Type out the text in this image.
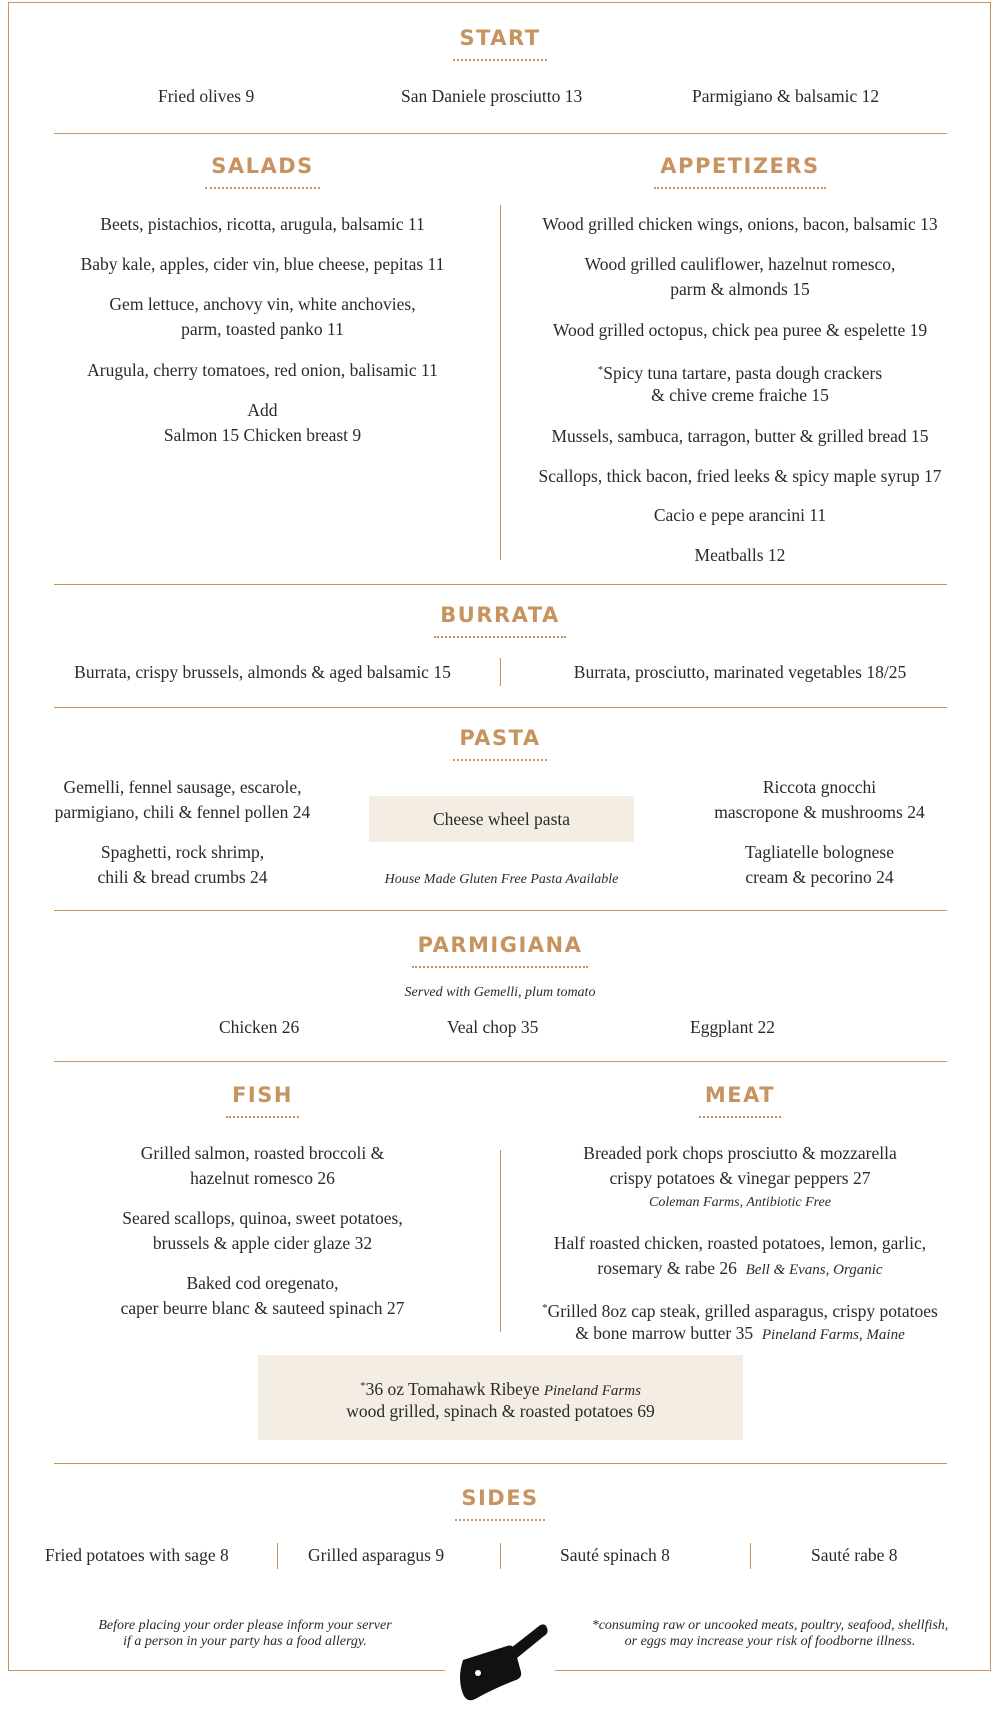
START
Fried olives 9	San Daniele prosciutto 13	Parmigiano & balsamic 12
SALADS
Beets, pistachios, ricotta, arugula, balsamic 11
Baby kale, apples, cider vin, blue cheese, pepitas 11
Gem lettuce, anchovy vin, white anchovies,
parm, toasted panko 11
Arugula, cherry tomatoes, red onion, balisamic 11
Add
Salmon 15 Chicken breast 9
APPETIZERS
Wood grilled chicken wings, onions, bacon, balsamic 13
Wood grilled cauliflower, hazelnut romesco,
parm & almonds 15
Wood grilled octopus, chick pea puree & espelette 19
*Spicy tuna tartare, pasta dough crackers
& chive creme fraiche 15
Mussels, sambuca, tarragon, butter & grilled bread 15
Scallops, thick bacon, fried leeks & spicy maple syrup 17
Cacio e pepe arancini 11
Meatballs 12
BURRATA
Burrata, crispy brussels, almonds & aged balsamic 15	Burrata, prosciutto, marinated vegetables 18/25
PASTA
Gemelli, fennel sausage, escarole,
parmigiano, chili & fennel pollen 24
Spaghetti, rock shrimp,
chili & bread crumbs 24
Cheese wheel pasta
House Made Gluten Free Pasta Available
Riccota gnocchi
mascropone & mushrooms 24
Tagliatelle bolognese
cream & pecorino 24
PARMIGIANA
Served with Gemelli, plum tomato
Chicken 26	Veal chop 35	Eggplant 22
FISH
Grilled salmon, roasted broccoli &
hazelnut romesco 26
Seared scallops, quinoa, sweet potatoes,
brussels & apple cider glaze 32
Baked cod oregenato,
caper beurre blanc & sauteed spinach 27
MEAT
Breaded pork chops prosciutto & mozzarella
crispy potatoes & vinegar peppers 27
Coleman Farms, Antibiotic Free
Half roasted chicken, roasted potatoes, lemon, garlic,
rosemary & rabe 26 Bell & Evans, Organic
*Grilled 8oz cap steak, grilled asparagus, crispy potatoes
& bone marrow butter 35 Pineland Farms, Maine
*36 oz Tomahawk Ribeye Pineland Farms
wood grilled, spinach & roasted potatoes 69
SIDES
Fried potatoes with sage 8	Grilled asparagus 9	Sauté spinach 8	Sauté rabe 8
Before placing your order please inform your server
if a person in your party has a food allergy.
*consuming raw or uncooked meats, poultry, seafood, shellfish,
or eggs may increase your risk of foodborne illness.
